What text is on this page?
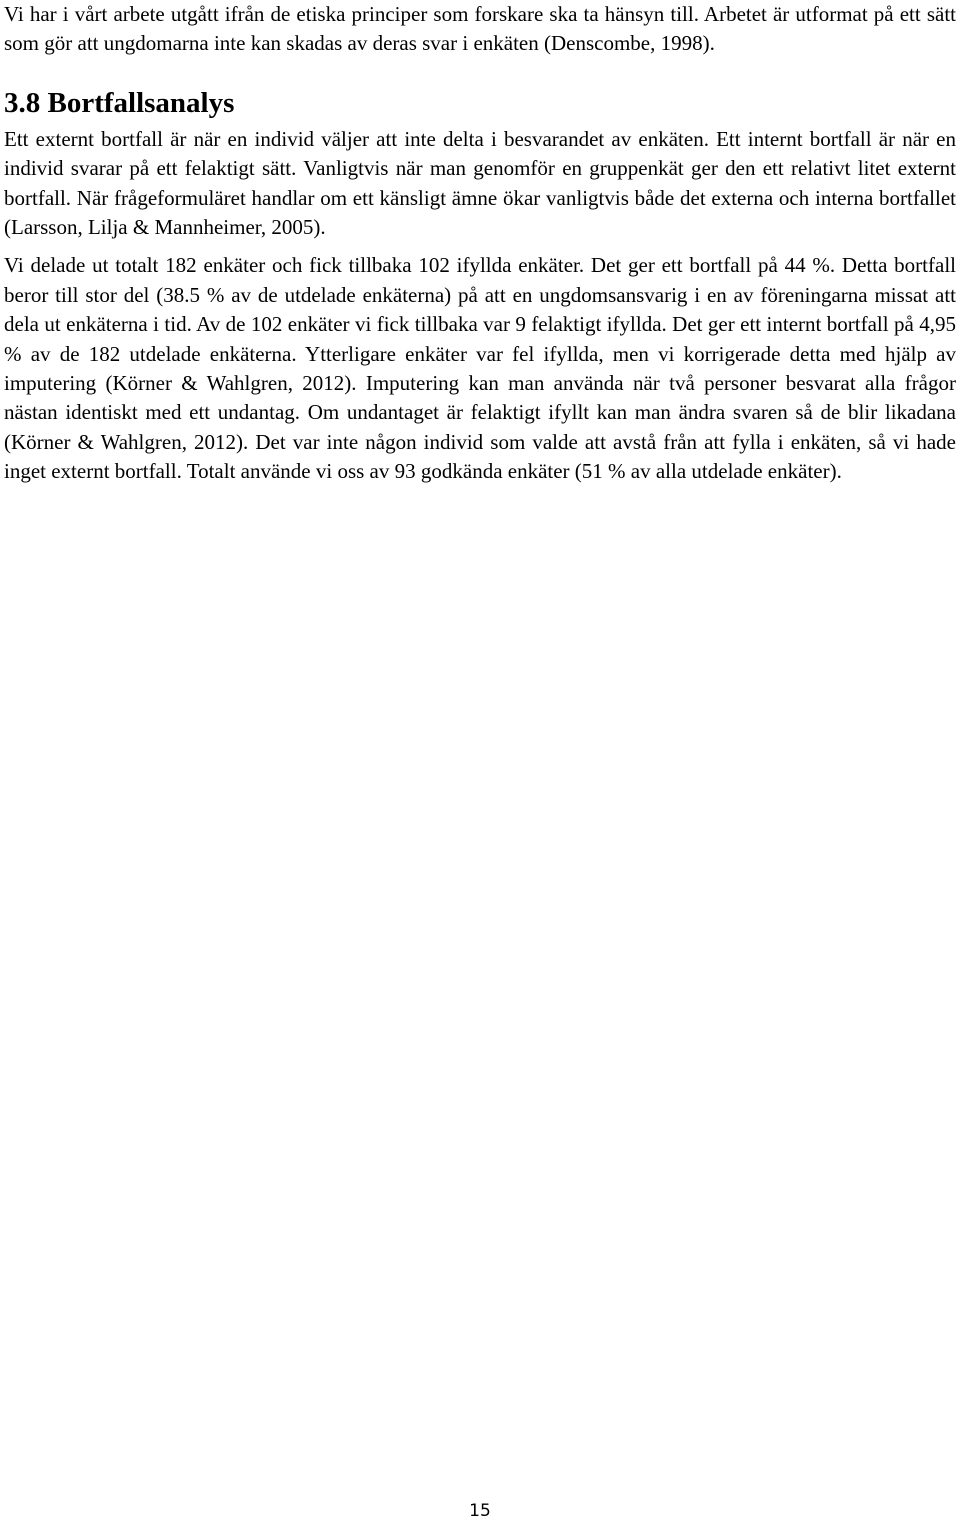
Vi har i vårt arbete utgått ifrån de etiska principer som forskare ska ta hänsyn till. Arbetet är utformat på ett sätt som gör att ungdomarna inte kan skadas av deras svar i enkäten (Denscombe, 1998).

3.8 Bortfallsanalys

Ett externt bortfall är när en individ väljer att inte delta i besvarandet av enkäten. Ett internt bortfall är när en individ svarar på ett felaktigt sätt. Vanligtvis när man genomför en gruppenkät ger den ett relativt litet externt bortfall. När frågeformuläret handlar om ett känsligt ämne ökar vanligtvis både det externa och interna bortfallet (Larsson, Lilja & Mannheimer, 2005).

Vi delade ut totalt 182 enkäter och fick tillbaka 102 ifyllda enkäter. Det ger ett bortfall på 44 %. Detta bortfall beror till stor del (38.5 % av de utdelade enkäterna) på att en ungdomsansvarig i en av föreningarna missat att dela ut enkäterna i tid. Av de 102 enkäter vi fick tillbaka var 9 felaktigt ifyllda. Det ger ett internt bortfall på 4,95 % av de 182 utdelade enkäterna. Ytterligare enkäter var fel ifyllda, men vi korrigerade detta med hjälp av imputering (Körner & Wahlgren, 2012). Imputering kan man använda när två personer besvarat alla frågor nästan identiskt med ett undantag. Om undantaget är felaktigt ifyllt kan man ändra svaren så de blir likadana (Körner & Wahlgren, 2012). Det var inte någon individ som valde att avstå från att fylla i enkäten, så vi hade inget externt bortfall. Totalt använde vi oss av 93 godkända enkäter (51 % av alla utdelade enkäter).

15
